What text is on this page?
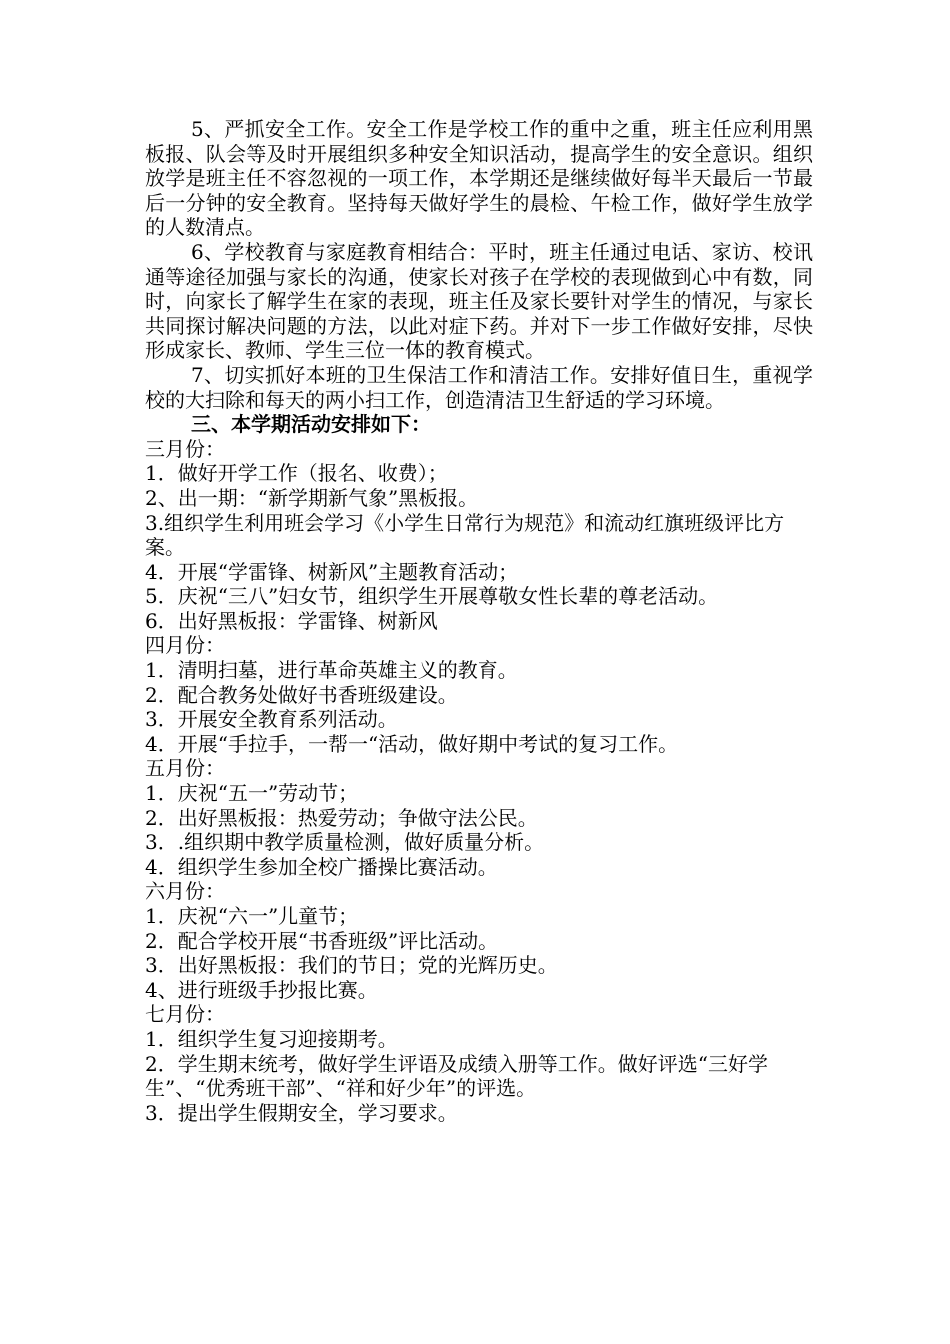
5、严抓安全工作。安全工作是学校工作的重中之重，班主任应利用黑板报、队会等及时开展组织多种安全知识活动，提高学生的安全意识。组织放学是班主任不容忽视的一项工作，本学期还是继续做好每半天最后一节最后一分钟的安全教育。坚持每天做好学生的晨检、午检工作，做好学生放学的人数清点。

6、学校教育与家庭教育相结合：平时，班主任通过电话、家访、校讯通等途径加强与家长的沟通，使家长对孩子在学校的表现做到心中有数，同时，向家长了解学生在家的表现，班主任及家长要针对学生的情况，与家长共同探讨解决问题的方法，以此对症下药。并对下一步工作做好安排，尽快形成家长、教师、学生三位一体的教育模式。

7、切实抓好本班的卫生保洁工作和清洁工作。安排好值日生，重视学校的大扫除和每天的两小扫工作，创造清洁卫生舒适的学习环境。

三、本学期活动安排如下：

三月份：

1．做好开学工作（报名、收费）；

2、出一期：“新学期新气象”黑板报。

3.组织学生利用班会学习《小学生日常行为规范》和流动红旗班级评比方案。

4．开展“学雷锋、树新风”主题教育活动；

5．庆祝“三八”妇女节，组织学生开展尊敬女性长辈的尊老活动。

6．出好黑板报：学雷锋、树新风

四月份：

1．清明扫墓，进行革命英雄主义的教育。

2．配合教务处做好书香班级建设。

3．开展安全教育系列活动。

4．开展“手拉手，一帮一“活动，做好期中考试的复习工作。

五月份：

1．庆祝“五一”劳动节；

2．出好黑板报：热爱劳动；争做守法公民。

3．.组织期中教学质量检测，做好质量分析。

4．组织学生参加全校广播操比赛活动。

六月份：

1．庆祝“六一”儿童节；

2．配合学校开展“书香班级”评比活动。

3．出好黑板报：我们的节日；党的光辉历史。

4、进行班级手抄报比赛。

七月份：

1．组织学生复习迎接期考。

2．学生期末统考，做好学生评语及成绩入册等工作。做好评选“三好学生”、“优秀班干部”、“祥和好少年”的评选。

3．提出学生假期安全，学习要求。
